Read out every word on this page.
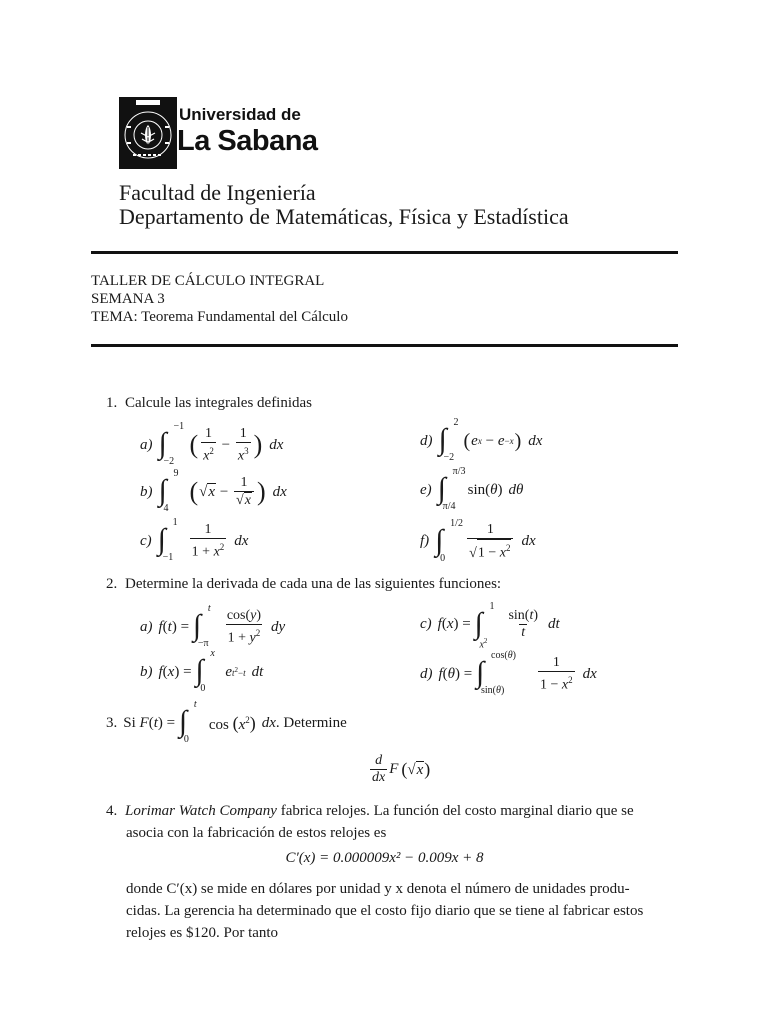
Universidad de
La Sabana
Facultad de Ingeniería
Departamento de Matemáticas, Física y Estadística
TALLER DE CÁLCULO INTEGRAL
SEMANA 3
TEMA: Teorema Fundamental del Cálculo
1. Calcule las integrales definidas
a) ∫
−1
−2
( $\frac{1}{x^2} - \frac{1}{x^3}$ ) dx	d) ∫
2
−2
( e x − e −x ) dx
b) ∫
9
4
( √ $x - \frac{1}{√ x}$ ) dx	e) ∫
π/3
π/4
sin(θ) dθ
c) ∫
1
$-1 \frac{1}{1 + x^2}$ dx	f) ∫
1/2
$0 \frac{1}{√ 1 - x^2}$ dx
2. Determine la derivada de cada una de las siguientes funciones:
a) f(t) = ∫
t
$-\pi \frac{\cos(y)}{1 + y^2}$ dy	c) f(x) = ∫
1
$x^2 \frac{\sin(t)}{t}$ dt
b) f(x) = ∫
x
0
e $t^2-t$ dt	d) f(θ) = ∫
cos(θ)
$\sin(\theta) \frac{1}{1 - x^2}$ dx
3. Si F(t) = ∫
t
0
$\cos (x^2)$ dx . Determine
$\frac{d}{dx}$ F ( √ x )
4. Lorimar Watch Company fabrica relojes. La función del costo marginal diario que se
asocia con la fabricación de estos relojes es
C′(x) = 0.000009x² − 0.009x + 8
donde C′(x) se mide en dólares por unidad y x denota el número de unidades produ-
cidas. La gerencia ha determinado que el costo fijo diario que se tiene al fabricar estos
relojes es $120. Por tanto
